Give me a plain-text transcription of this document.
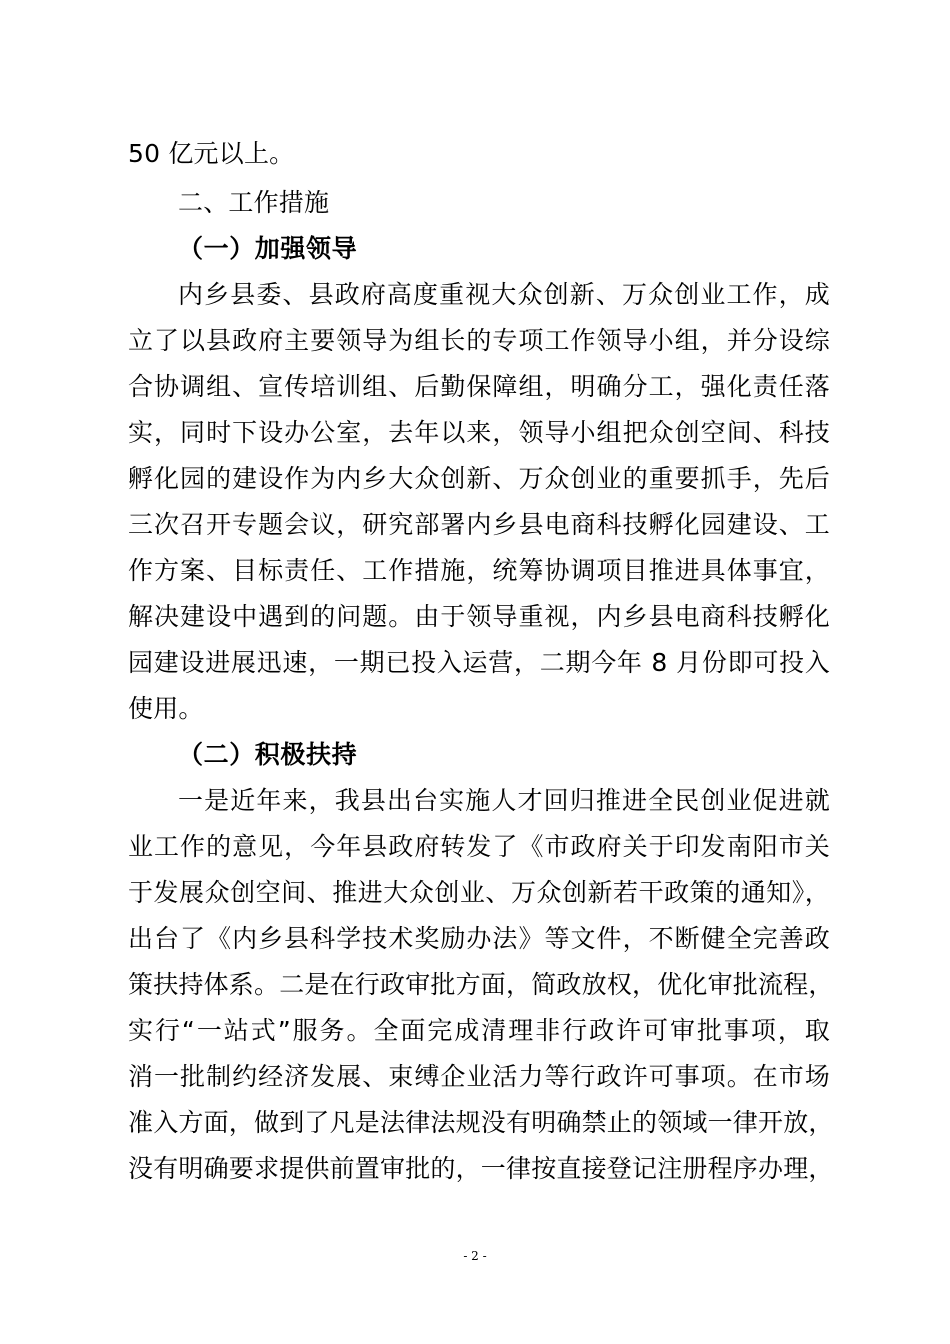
50 亿元以上。
二、工作措施
（一）加强领导
内乡县委、县政府高度重视大众创新、万众创业工作，成
立了以县政府主要领导为组长的专项工作领导小组，并分设综
合协调组、宣传培训组、后勤保障组，明确分工，强化责任落
实，同时下设办公室，去年以来，领导小组把众创空间、科技
孵化园的建设作为内乡大众创新、万众创业的重要抓手，先后
三次召开专题会议，研究部署内乡县电商科技孵化园建设、工
作方案、目标责任、工作措施，统筹协调项目推进具体事宜，
解决建设中遇到的问题。由于领导重视，内乡县电商科技孵化
园建设进展迅速，一期已投入运营，二期今年 8 月份即可投入
使用。
（二）积极扶持
一是近年来，我县出台实施人才回归推进全民创业促进就
业工作的意见，今年县政府转发了《市政府关于印发南阳市关
于发展众创空间、推进大众创业、万众创新若干政策的通知》，
出台了《内乡县科学技术奖励办法》等文件，不断健全完善政
策扶持体系。二是在行政审批方面，简政放权，优化审批流程，
实行“一站式”服务。全面完成清理非行政许可审批事项，取
消一批制约经济发展、束缚企业活力等行政许可事项。在市场
准入方面，做到了凡是法律法规没有明确禁止的领域一律开放，
没有明确要求提供前置审批的，一律按直接登记注册程序办理，
- 2 -
